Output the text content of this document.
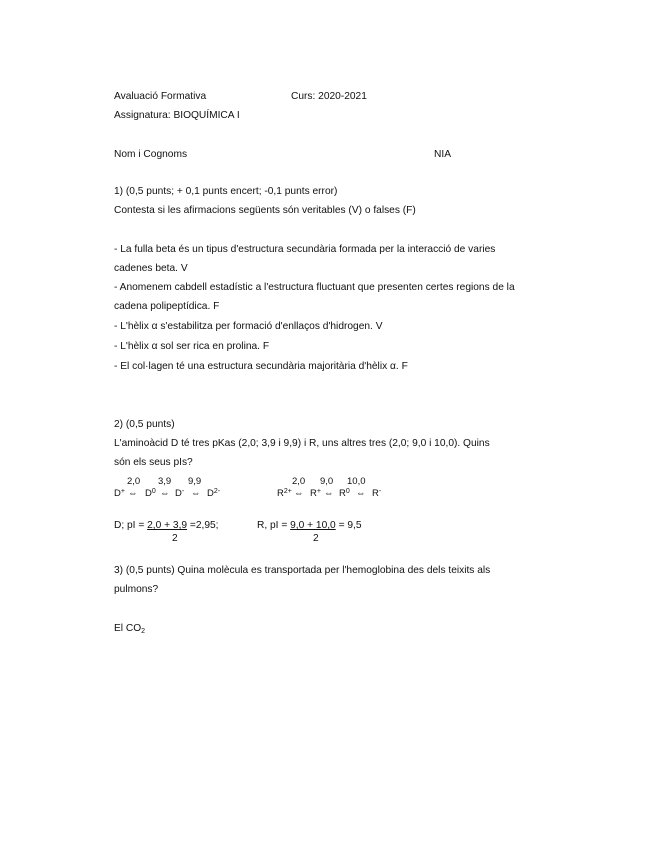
Avaluació Formativa	Curs: 2020-2021
Assignatura: BIOQUÍMICA I
Nom i Cognoms	NIA
1) (0,5 punts; + 0,1 punts encert; -0,1 punts error)
Contesta si les afirmacions següents són veritables (V) o falses (F)
- La fulla beta és un tipus d'estructura secundària formada per la interacció de varies
cadenes beta. V
- Anomenem cabdell estadístic a l'estructura fluctuant que presenten certes regions de la
cadena polipeptídica. F
- L'hèlix α s'estabilitza per formació d'enllaços d'hidrogen. V
- L'hèlix α sol ser rica en prolina. F
- El col·lagen té una estructura secundària majoritària d'hèlix α. F
2) (0,5 punts)
L'aminoàcid D té tres pKas (2,0; 3,9 i 9,9) i R, uns altres tres (2,0; 9,0 i 10,0). Quins
són els seus pIs?
2,0 3,9 9,9	2,0 9,0 10,0
D+ ⇔ $D^0$ ⇔ D- ⇔ $D^{2-}$	$R^{2+}$ ⇔ R+ ⇔ $R^0$ ⇔ R-
D; pI = 2,0 + 3,9 =2,95;
2
R, pI = 9,0 + 10,0 = 9,5
2
3) (0,5 punts) Quina molècula es transportada per l'hemoglobina des dels teixits als
pulmons?
El $CO_2$
